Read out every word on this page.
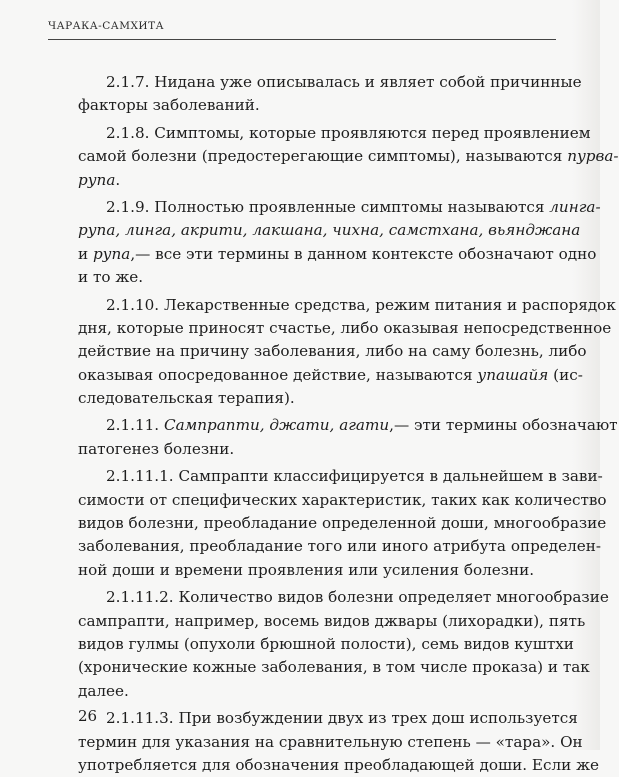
ЧАРАКА-САМХИТА
2.1.7. Нидана уже описывалась и являет собой причинные
факторы заболеваний.
2.1.8. Симптомы, которые проявляются перед проявлением
самой болезни (предостерегающие симптомы), называются пурва-
рупа.
2.1.9. Полностью проявленные симптомы называются линга-
рупа, линга, акрити, лакшана, чихна, самстхана, вьянджана
и рупа,— все эти термины в данном контексте обозначают одно
и то же.
2.1.10. Лекарственные средства, режим питания и распорядок
дня, которые приносят счастье, либо оказывая непосредственное
действие на причину заболевания, либо на саму болезнь, либо
оказывая опосредованное действие, называются упашайя (ис-
следовательская терапия).
2.1.11. Сампрапти, джати, агати,— эти термины обозначают
патогенез болезни.
2.1.11.1. Сампрапти классифицируется в дальнейшем в зави-
симости от специфических характеристик, таких как количество
видов болезни, преобладание определенной доши, многообразие
заболевания, преобладание того или иного атрибута определен-
ной доши и времени проявления или усиления болезни.
2.1.11.2. Количество видов болезни определяет многообразие
сампрапти, например, восемь видов джвары (лихорадки), пять
видов гулмы (опухоли брюшной полости), семь видов куштхи
(хронические кожные заболевания, в том числе проказа) и так
далее.
2.1.11.3. При возбуждении двух из трех дош используется
термин для указания на сравнительную степень — «тара». Он
употребляется для обозначения преобладающей доши. Если же
26
